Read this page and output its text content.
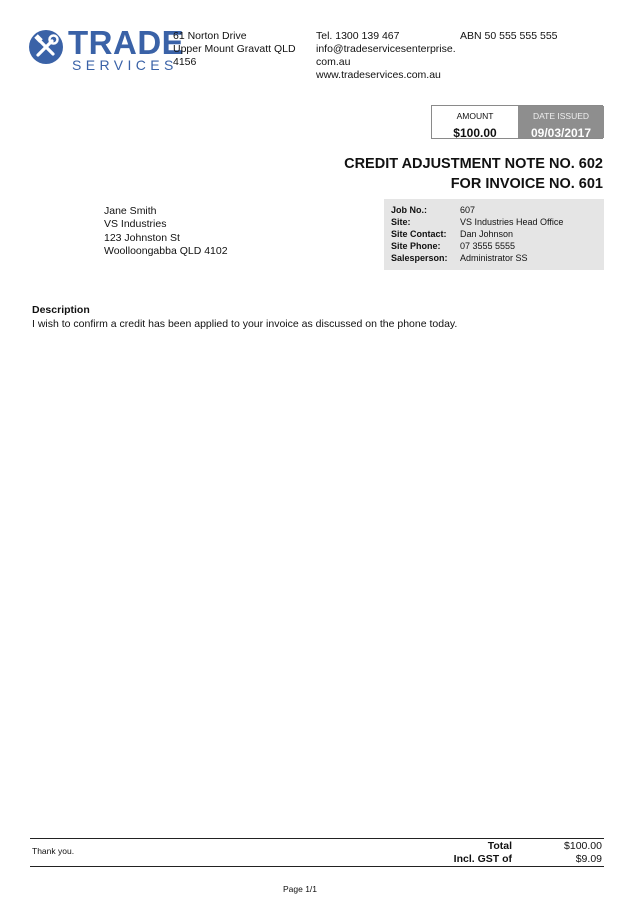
TRADE
SERVICES
61 Norton Drive
Upper Mount Gravatt QLD
4156
Tel. 1300 139 467
info@tradeservicesenterprise.
com.au
www.tradeservices.com.au
ABN 50 555 555 555
AMOUNT
$100.00
DATE ISSUED
09/03/2017
CREDIT ADJUSTMENT NOTE NO. 602
FOR INVOICE NO. 601
Jane Smith
VS Industries
123 Johnston St
Woolloongabba QLD 4102
Job No.:	607
Site:	VS Industries Head Office
Site Contact:	Dan Johnson
Site Phone:	07 3555 5555
Salesperson:	Administrator SS
Description
I wish to confirm a credit has been applied to your invoice as discussed on the phone today.
Thank you.	Total	$100.00
Incl. GST of	$9.09
Page 1/1
